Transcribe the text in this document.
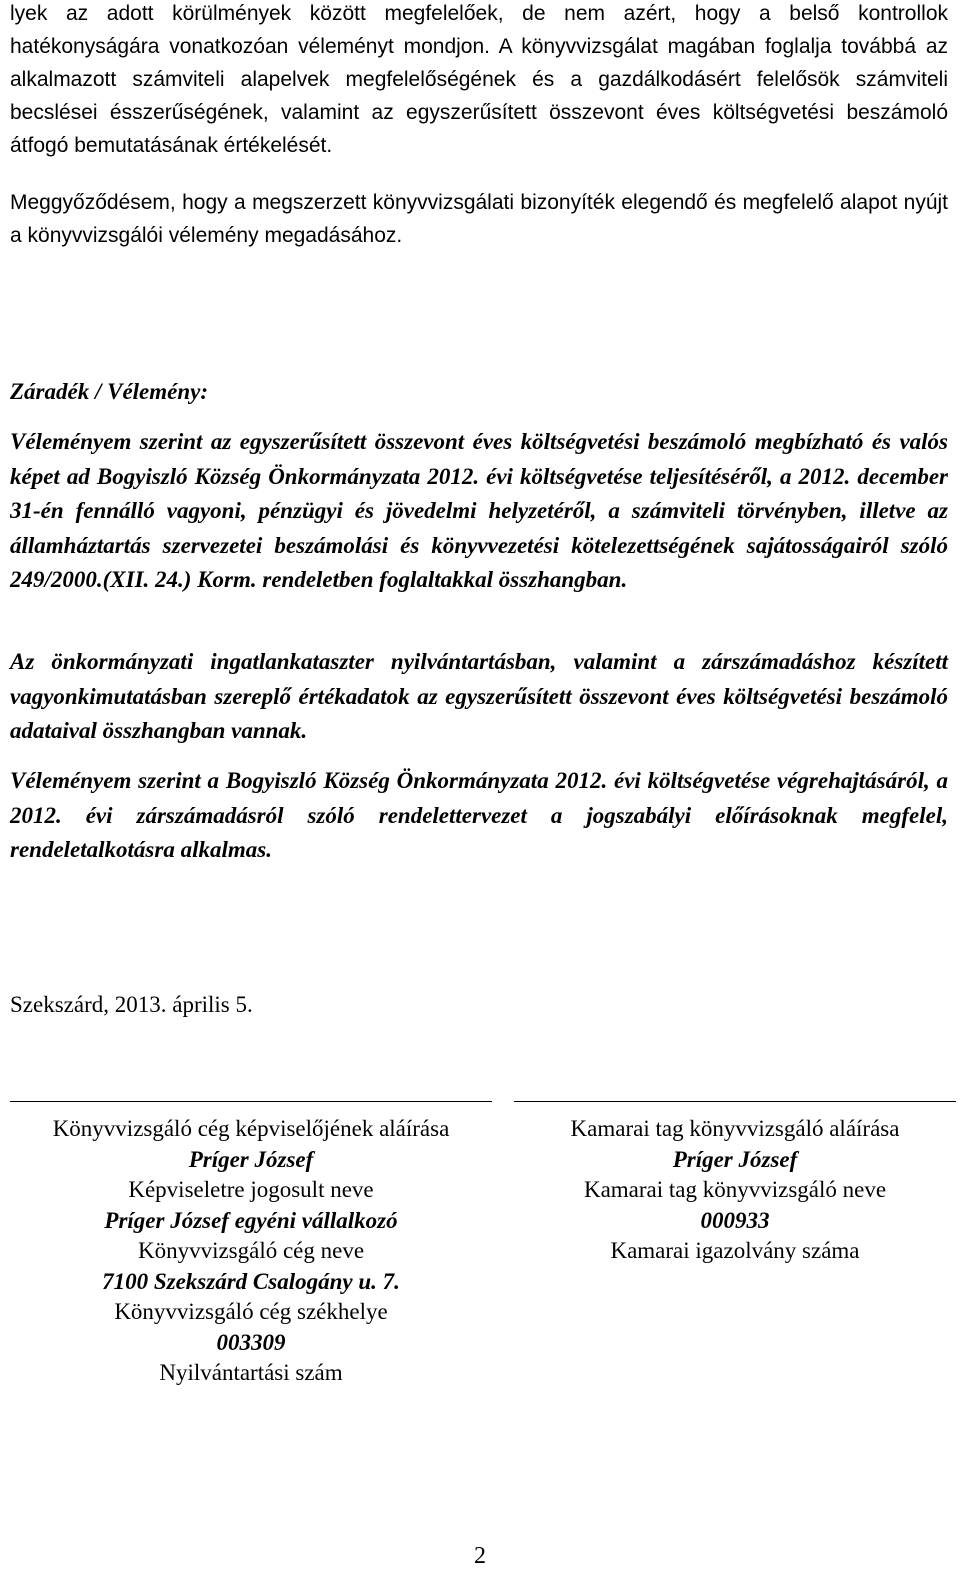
lyek az adott körülmények között megfelelőek, de nem azért, hogy a belső kontrollok hatékonyságára vonatkozóan véleményt mondjon. A könyvvizsgálat magában foglalja továbbá az alkalmazott számviteli alapelvek megfelelőségének és a gazdálkodásért felelősök számviteli becslései ésszerűségének, valamint az egyszerűsített összevont éves költségvetési beszámoló átfogó bemutatásának értékelését.

Meggyőződésem, hogy a megszerzett könyvvizsgálati bizonyíték elegendő és megfelelő alapot nyújt a könyvvizsgálói vélemény megadásához.

Záradék / Vélemény:

Véleményem szerint az egyszerűsített összevont éves költségvetési beszámoló megbízható és valós képet ad Bogyiszló Község Önkormányzata 2012. évi költségvetése teljesítéséről, a 2012. december 31-én fennálló vagyoni, pénzügyi és jövedelmi helyzetéről, a számviteli törvényben, illetve az államháztartás szervezetei beszámolási és könyvvezetési kötelezettségének sajátosságairól szóló 249/2000.(XII. 24.) Korm. rendeletben foglaltakkal összhangban.

Az önkormányzati ingatlankataszter nyilvántartásban, valamint a zárszámadáshoz készített vagyonkimutatásban szereplő értékadatok az egyszerűsített összevont éves költségvetési beszámoló adataival összhangban vannak.

Véleményem szerint a Bogyiszló Község Önkormányzata 2012. évi költségvetése végrehajtásáról, a 2012. évi zárszámadásról szóló rendelettervezet a jogszabályi előírásoknak megfelel, rendeletalkotásra alkalmas.

Szekszárd, 2013. április 5.

Könyvvizsgáló cég képviselőjének aláírása
Príger József
Képviseletre jogosult neve
Príger József egyéni vállalkozó
Könyvvizsgáló cég neve
7100 Szekszárd Csalogány u. 7.
Könyvvizsgáló cég székhelye
003309
Nyilvántartási szám
Kamarai tag könyvvizsgáló aláírása
Príger József
Kamarai tag könyvvizsgáló neve
000933
Kamarai igazolvány száma
2
